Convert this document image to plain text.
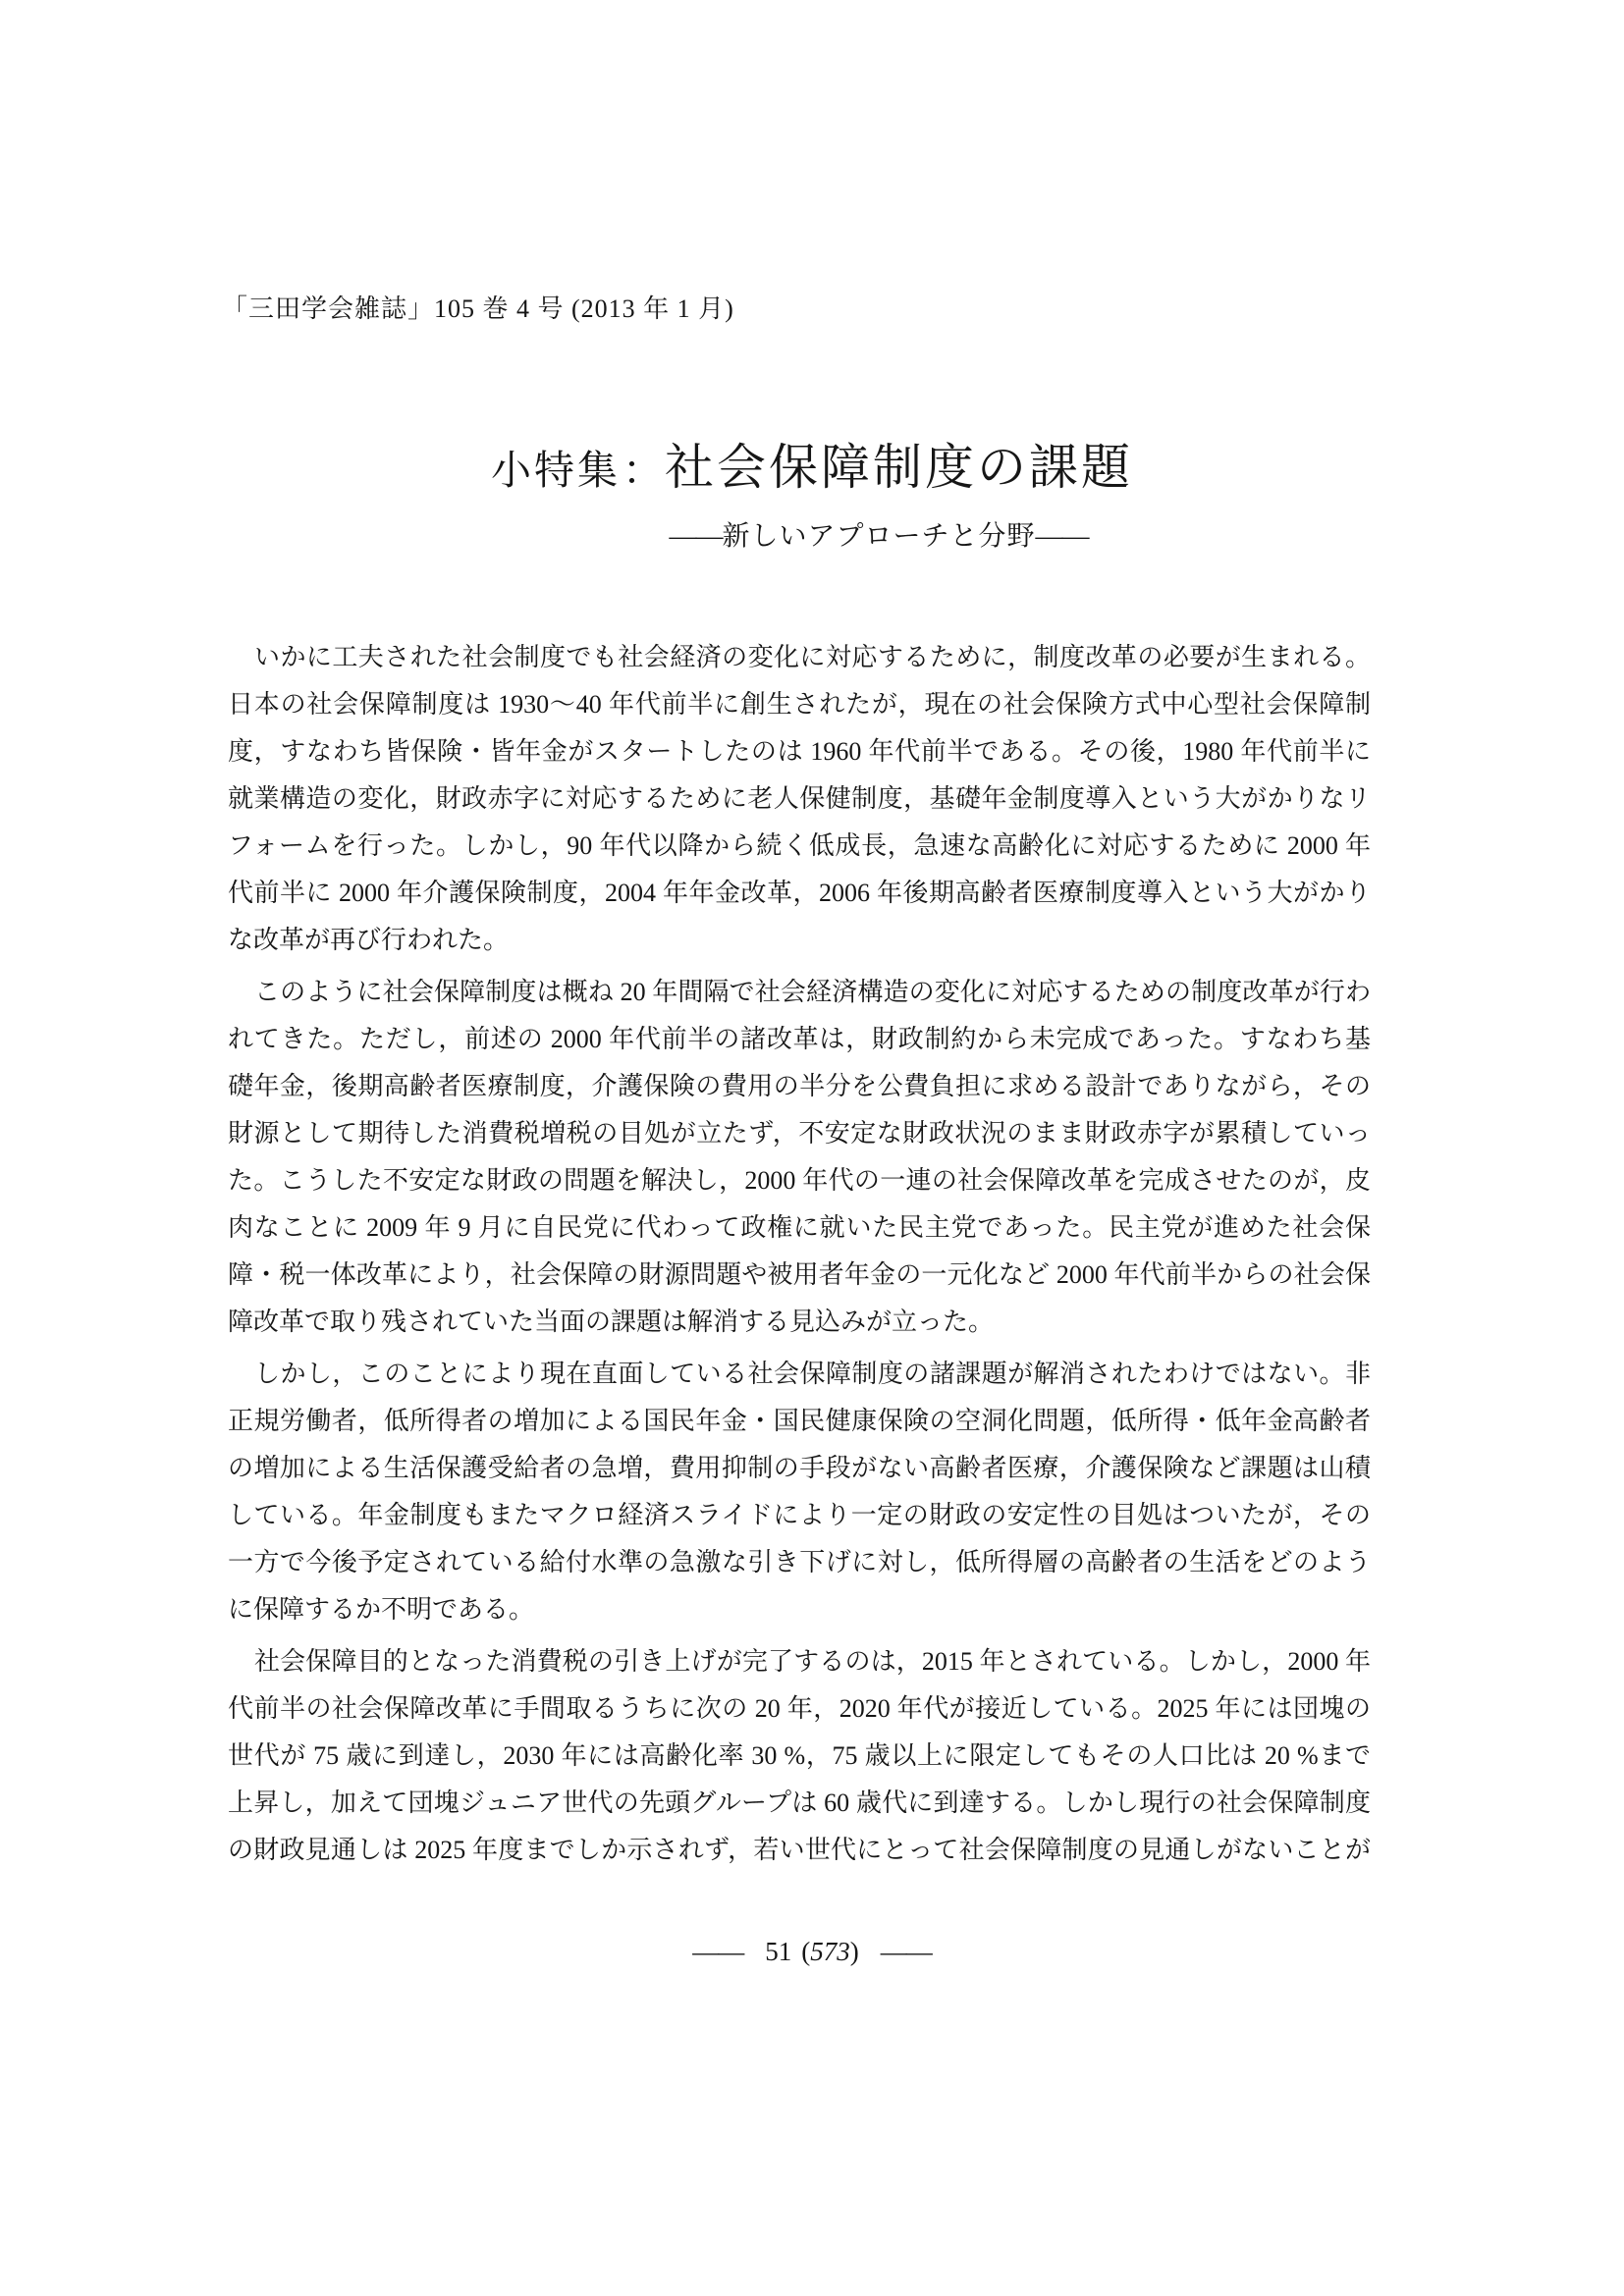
「三田学会雑誌」105 巻 4 号 (2013 年 1 月)
小特集：社会保障制度の課題
——新しいアプローチと分野——
いかに工夫された社会制度でも社会経済の変化に対応するために，制度改革の必要が生まれる。
日本の社会保障制度は 1930〜40 年代前半に創生されたが，現在の社会保険方式中心型社会保障制
度，すなわち皆保険・皆年金がスタートしたのは 1960 年代前半である。その後，1980 年代前半に
就業構造の変化，財政赤字に対応するために老人保健制度，基礎年金制度導入という大がかりなリ
フォームを行った。しかし，90 年代以降から続く低成長，急速な高齢化に対応するために 2000 年
代前半に 2000 年介護保険制度，2004 年年金改革，2006 年後期高齢者医療制度導入という大がかり
な改革が再び行われた。
このように社会保障制度は概ね 20 年間隔で社会経済構造の変化に対応するための制度改革が行わ
れてきた。ただし，前述の 2000 年代前半の諸改革は，財政制約から未完成であった。すなわち基
礎年金，後期高齢者医療制度，介護保険の費用の半分を公費負担に求める設計でありながら，その
財源として期待した消費税増税の目処が立たず，不安定な財政状況のまま財政赤字が累積していっ
た。こうした不安定な財政の問題を解決し，2000 年代の一連の社会保障改革を完成させたのが，皮
肉なことに 2009 年 9 月に自民党に代わって政権に就いた民主党であった。民主党が進めた社会保
障・税一体改革により，社会保障の財源問題や被用者年金の一元化など 2000 年代前半からの社会保
障改革で取り残されていた当面の課題は解消する見込みが立った。
しかし，このことにより現在直面している社会保障制度の諸課題が解消されたわけではない。非
正規労働者，低所得者の増加による国民年金・国民健康保険の空洞化問題，低所得・低年金高齢者
の増加による生活保護受給者の急増，費用抑制の手段がない高齢者医療，介護保険など課題は山積
している。年金制度もまたマクロ経済スライドにより一定の財政の安定性の目処はついたが，その
一方で今後予定されている給付水準の急激な引き下げに対し，低所得層の高齢者の生活をどのよう
に保障するか不明である。
社会保障目的となった消費税の引き上げが完了するのは，2015 年とされている。しかし，2000 年
代前半の社会保障改革に手間取るうちに次の 20 年，2020 年代が接近している。2025 年には団塊の
世代が 75 歳に到達し，2030 年には高齢化率 30 %，75 歳以上に限定してもその人口比は 20 %まで
上昇し，加えて団塊ジュニア世代の先頭グループは 60 歳代に到達する。しかし現行の社会保障制度
の財政見通しは 2025 年度までしか示されず，若い世代にとって社会保障制度の見通しがないことが
—— 51 (573) ——
